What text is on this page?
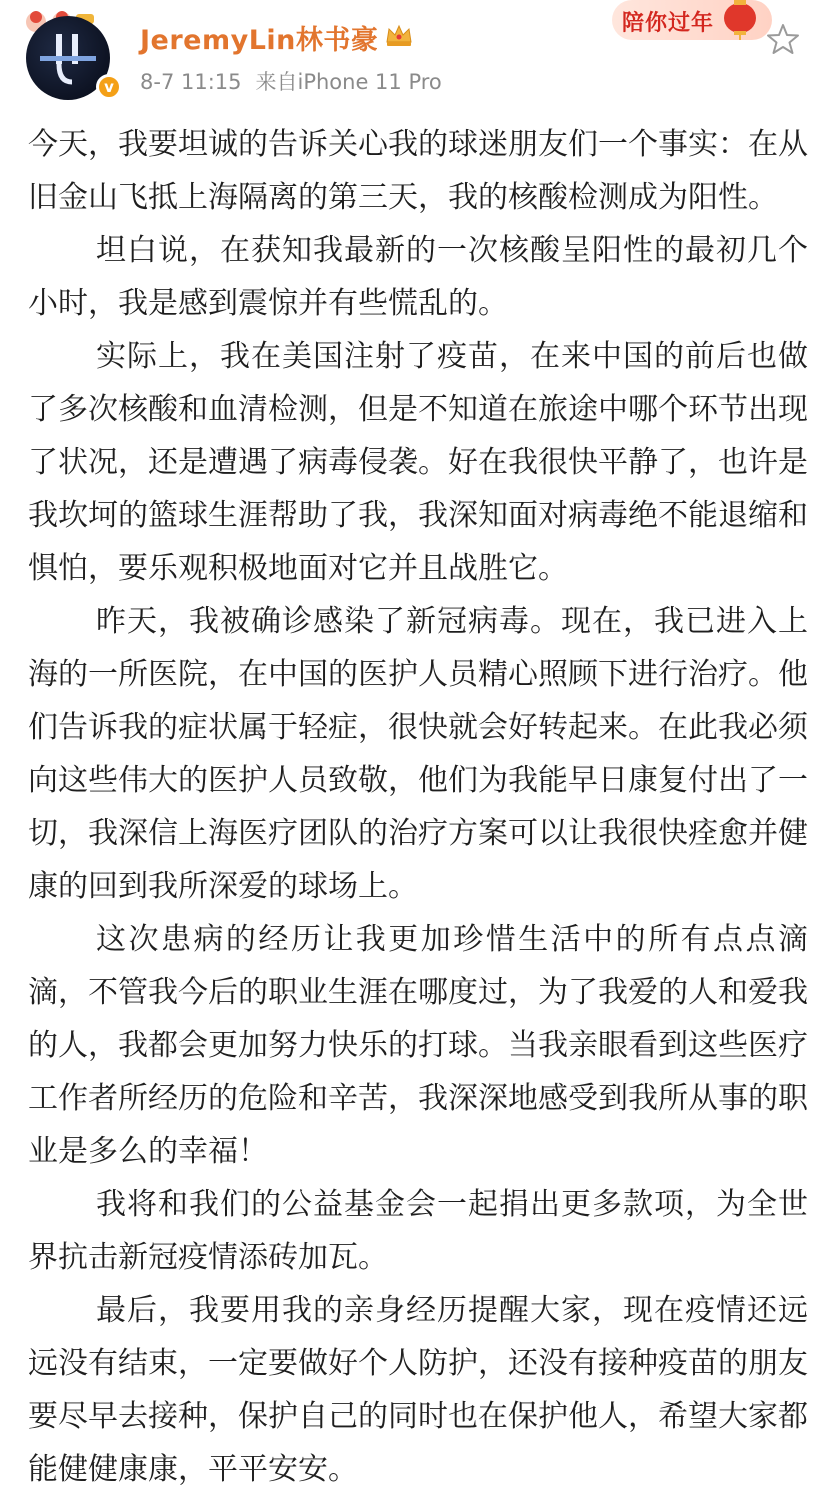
v
JeremyLin林书豪
8-7 11:15 来自iPhone 11 Pro
陪你过年

今天，我要坦诚的告诉关心我的球迷朋友们一个事实：在从旧金山飞抵上海隔离的第三天，我的核酸检测成为阳性。

坦白说，在获知我最新的一次核酸呈阳性的最初几个小时，我是感到震惊并有些慌乱的。

实际上，我在美国注射了疫苗，在来中国的前后也做了多次核酸和血清检测，但是不知道在旅途中哪个环节出现了状况，还是遭遇了病毒侵袭。好在我很快平静了，也许是我坎坷的篮球生涯帮助了我，我深知面对病毒绝不能退缩和惧怕，要乐观积极地面对它并且战胜它。

昨天，我被确诊感染了新冠病毒。现在，我已进入上海的一所医院，在中国的医护人员精心照顾下进行治疗。他们告诉我的症状属于轻症，很快就会好转起来。在此我必须向这些伟大的医护人员致敬，他们为我能早日康复付出了一切，我深信上海医疗团队的治疗方案可以让我很快痊愈并健康的回到我所深爱的球场上。

这次患病的经历让我更加珍惜生活中的所有点点滴滴，不管我今后的职业生涯在哪度过，为了我爱的人和爱我的人，我都会更加努力快乐的打球。当我亲眼看到这些医疗工作者所经历的危险和辛苦，我深深地感受到我所从事的职业是多么的幸福！

我将和我们的公益基金会一起捐出更多款项，为全世界抗击新冠疫情添砖加瓦。

最后，我要用我的亲身经历提醒大家，现在疫情还远远没有结束，一定要做好个人防护，还没有接种疫苗的朋友要尽早去接种，保护自己的同时也在保护他人，希望大家都能健健康康，平平安安。
